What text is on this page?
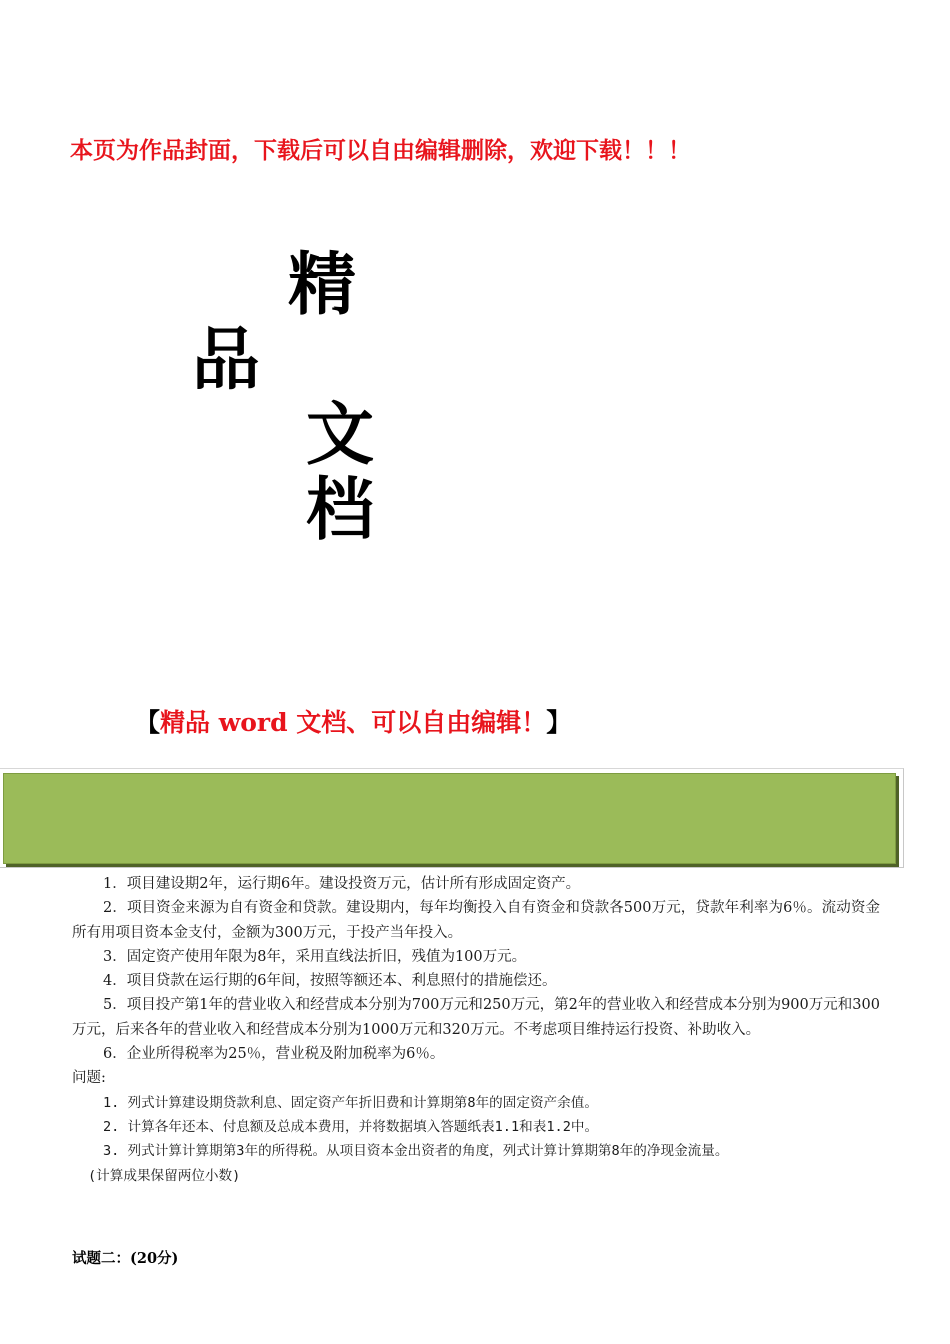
本页为作品封面，下载后可以自由编辑删除，欢迎下载！！！
精
品
文
档
【精品 word 文档、可以自由编辑！】

1．项目建设期2年，运行期6年。建设投资万元，估计所有形成固定资产。

2．项目资金来源为自有资金和贷款。建设期内，每年均衡投入自有资金和贷款各500万元，贷款年利率为6％。流动资金所有用项目资本金支付，金额为300万元，于投产当年投入。

3．固定资产使用年限为8年，采用直线法折旧，残值为100万元。

4．项目贷款在运行期的6年间，按照等额还本、利息照付的措施偿还。

5．项目投产第1年的营业收入和经营成本分别为700万元和250万元，第2年的营业收入和经营成本分别为900万元和300万元，后来各年的营业收入和经营成本分别为1000万元和320万元。不考虑项目维持运行投资、补助收入。

6．企业所得税率为25％，营业税及附加税率为6％。

问题:

1. 列式计算建设期贷款利息、固定资产年折旧费和计算期第8年的固定资产余值。

2. 计算各年还本、付息额及总成本费用，并将数据填入答题纸表1.1和表1.2中。

3. 列式计算计算期第3年的所得税。从项目资本金出资者的角度，列式计算计算期第8年的净现金流量。

(计算成果保留两位小数)

试题二：(20分)
